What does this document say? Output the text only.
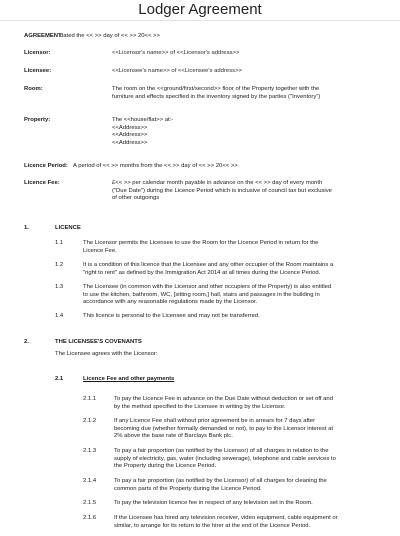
Lodger Agreement
AGREEMENT
dated the << >> day of << >> 20<< >>
Licensor:	<<Licensor's name>> of <<Licensor's address>>
Licensee:	<<Licensee's name>> of <<Licensee's address>>
Room:	The room on the <<ground/first/second>> floor of the Property together with the
furniture and effects specified in the inventory signed by the parties ("Inventory")
Property:	The <<house/flat>> at:-
<<Address>>
<<Address>>
<<Address>>
Licence Period: A period of << >> months from the << >> day of << >> 20<< >>
Licence Fee:	£<< >> per calendar month payable in advance on the << >> day of every month
("Due Date") during the Licence Period which is inclusive of council tax but exclusive
of other outgoings
1.	LICENCE
1.1	The Licensor permits the Licensee to use the Room for the Licence Period in return for the
Licence Fee.
1.2	It is a condition of this licence that the Licensee and any other occupier of the Room maintains a
"right to rent" as defined by the Immigration Act 2014 at all times during the Licence Period.
1.3	The Licensee (in common with the Licensor and other occupiers of the Property) is also entitled
to use the kitchen, bathroom, WC, [sitting room,] hall, stairs and passages in the building in
accordance with any reasonable regulations made by the Licensor.
1.4	This licence is personal to the Licensee and may not be transferred.
2.	THE LICENSEE'S COVENANTS
The Licensee agrees with the Licensor:
2.1	Licence Fee and other payments
2.1.1	To pay the Licence Fee in advance on the Due Date without deduction or set off and
by the method specified to the Licensee in writing by the Licensor.
2.1.2	If any Licence Fee shall without prior agreement be in arrears for 7 days after
becoming due (whether formally demanded or not), to pay to the Licensor interest at
2% above the base rate of Barclays Bank plc.
2.1.3	To pay a fair proportion (as notified by the Licensor) of all charges in relation to the
supply of electricity, gas, water (including sewerage), telephone and cable services to
the Property during the Licence Period.
2.1.4	To pay a fair proportion (as notified by the Licensor) of all charges for cleaning the
common parts of the Property during the Licence Period.
2.1.5	To pay the television licence fee in respect of any television set in the Room.
2.1.6	If the Licensee has hired any television receiver, video equipment, cable equipment or
similar, to arrange for its return to the hirer at the end of the Licence Period.
